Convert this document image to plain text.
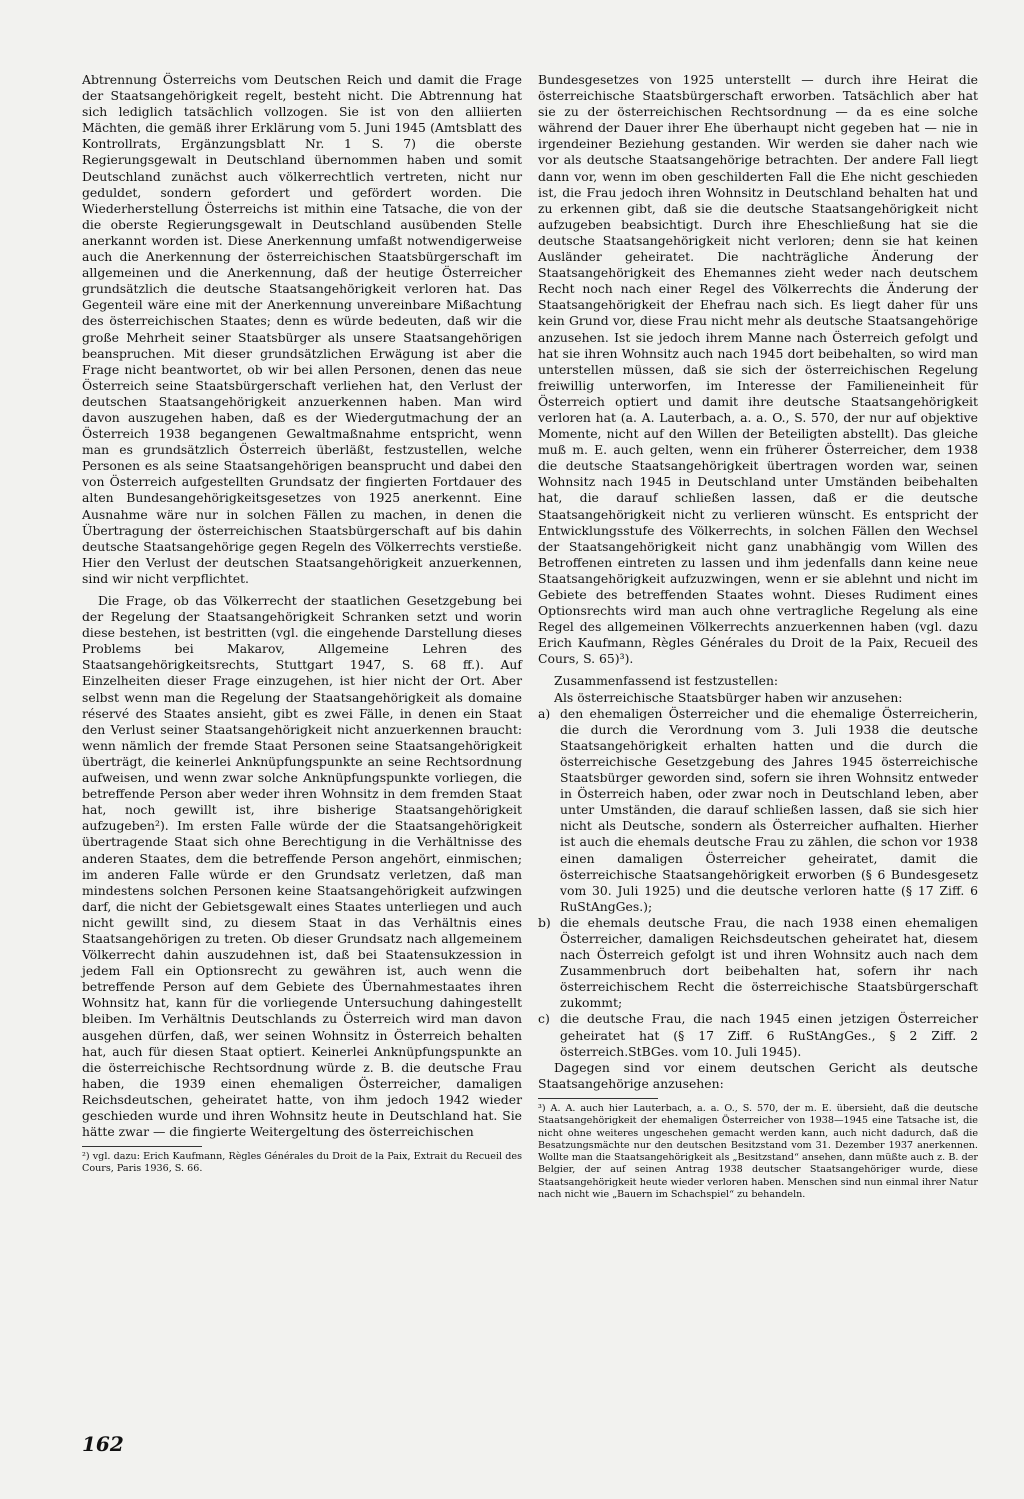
Abtrennung Österreichs vom Deutschen Reich und damit die Frage der Staatsangehörigkeit regelt, besteht nicht. Die Abtrennung hat sich lediglich tatsächlich vollzogen. Sie ist von den alliierten Mächten, die gemäß ihrer Erklärung vom 5. Juni 1945 (Amtsblatt des Kontrollrats, Ergänzungsblatt Nr. 1 S. 7) die oberste Regierungsgewalt in Deutschland übernommen haben und somit Deutschland zunächst auch völkerrechtlich vertreten, nicht nur geduldet, sondern gefordert und gefördert worden. Die Wiederherstellung Österreichs ist mithin eine Tatsache, die von der die oberste Regierungsgewalt in Deutschland ausübenden Stelle anerkannt worden ist. Diese Anerkennung umfaßt notwendigerweise auch die Anerkennung der österreichischen Staatsbürgerschaft im allgemeinen und die Anerkennung, daß der heutige Österreicher grundsätzlich die deutsche Staatsangehörigkeit verloren hat. Das Gegenteil wäre eine mit der Anerkennung unvereinbare Mißachtung des österreichischen Staates; denn es würde bedeuten, daß wir die große Mehrheit seiner Staatsbürger als unsere Staatsangehörigen beanspruchen. Mit dieser grundsätzlichen Erwägung ist aber die Frage nicht beantwortet, ob wir bei allen Personen, denen das neue Österreich seine Staatsbürgerschaft verliehen hat, den Verlust der deutschen Staatsangehörigkeit anzuerkennen haben. Man wird davon auszugehen haben, daß es der Wiedergutmachung der an Österreich 1938 begangenen Gewaltmaßnahme entspricht, wenn man es grundsätzlich Österreich überläßt, festzustellen, welche Personen es als seine Staatsangehörigen beansprucht und dabei den von Österreich aufgestellten Grundsatz der fingierten Fortdauer des alten Bundesangehörigkeitsgesetzes von 1925 anerkennt. Eine Ausnahme wäre nur in solchen Fällen zu machen, in denen die Übertragung der österreichischen Staatsbürgerschaft auf bis dahin deutsche Staatsangehörige gegen Regeln des Völkerrechts verstieße. Hier den Verlust der deutschen Staatsangehörigkeit anzuerkennen, sind wir nicht verpflichtet.

Die Frage, ob das Völkerrecht der staatlichen Gesetzgebung bei der Regelung der Staatsangehörigkeit Schranken setzt und worin diese bestehen, ist bestritten (vgl. die eingehende Darstellung dieses Problems bei Makarov, Allgemeine Lehren des Staatsangehörigkeitsrechts, Stuttgart 1947, S. 68 ff.). Auf Einzelheiten dieser Frage einzugehen, ist hier nicht der Ort. Aber selbst wenn man die Regelung der Staatsangehörigkeit als domaine réservé des Staates ansieht, gibt es zwei Fälle, in denen ein Staat den Verlust seiner Staatsangehörigkeit nicht anzuerkennen braucht: wenn nämlich der fremde Staat Personen seine Staatsangehörigkeit überträgt, die keinerlei Anknüpfungspunkte an seine Rechtsordnung aufweisen, und wenn zwar solche Anknüpfungspunkte vorliegen, die betreffende Person aber weder ihren Wohnsitz in dem fremden Staat hat, noch gewillt ist, ihre bisherige Staatsangehörigkeit aufzugeben²). Im ersten Falle würde der die Staatsangehörigkeit übertragende Staat sich ohne Berechtigung in die Verhältnisse des anderen Staates, dem die betreffende Person angehört, einmischen; im anderen Falle würde er den Grundsatz verletzen, daß man mindestens solchen Personen keine Staatsangehörigkeit aufzwingen darf, die nicht der Gebietsgewalt eines Staates unterliegen und auch nicht gewillt sind, zu diesem Staat in das Verhältnis eines Staatsangehörigen zu treten. Ob dieser Grundsatz nach allgemeinem Völkerrecht dahin auszudehnen ist, daß bei Staatensukzession in jedem Fall ein Optionsrecht zu gewähren ist, auch wenn die betreffende Person auf dem Gebiete des Übernahmestaates ihren Wohnsitz hat, kann für die vorliegende Untersuchung dahingestellt bleiben. Im Verhältnis Deutschlands zu Österreich wird man davon ausgehen dürfen, daß, wer seinen Wohnsitz in Österreich behalten hat, auch für diesen Staat optiert. Keinerlei Anknüpfungspunkte an die österreichische Rechtsordnung würde z. B. die deutsche Frau haben, die 1939 einen ehemaligen Österreicher, damaligen Reichsdeutschen, geheiratet hatte, von ihm jedoch 1942 wieder geschieden wurde und ihren Wohnsitz heute in Deutschland hat. Sie hätte zwar — die fingierte Weitergeltung des österreichischen

²) vgl. dazu: Erich Kaufmann, Règles Générales du Droit de la Paix, Extrait du Recueil des Cours, Paris 1936, S. 66.

Bundesgesetzes von 1925 unterstellt — durch ihre Heirat die österreichische Staatsbürgerschaft erworben. Tatsächlich aber hat sie zu der österreichischen Rechtsordnung — da es eine solche während der Dauer ihrer Ehe überhaupt nicht gegeben hat — nie in irgendeiner Beziehung gestanden. Wir werden sie daher nach wie vor als deutsche Staatsangehörige betrachten. Der andere Fall liegt dann vor, wenn im oben geschilderten Fall die Ehe nicht geschieden ist, die Frau jedoch ihren Wohnsitz in Deutschland behalten hat und zu erkennen gibt, daß sie die deutsche Staatsangehörigkeit nicht aufzugeben beabsichtigt. Durch ihre Eheschließung hat sie die deutsche Staatsangehörigkeit nicht verloren; denn sie hat keinen Ausländer geheiratet. Die nachträgliche Änderung der Staatsangehörigkeit des Ehemannes zieht weder nach deutschem Recht noch nach einer Regel des Völkerrechts die Änderung der Staatsangehörigkeit der Ehefrau nach sich. Es liegt daher für uns kein Grund vor, diese Frau nicht mehr als deutsche Staatsangehörige anzusehen. Ist sie jedoch ihrem Manne nach Österreich gefolgt und hat sie ihren Wohnsitz auch nach 1945 dort beibehalten, so wird man unterstellen müssen, daß sie sich der österreichischen Regelung freiwillig unterworfen, im Interesse der Familieneinheit für Österreich optiert und damit ihre deutsche Staatsangehörigkeit verloren hat (a. A. Lauterbach, a. a. O., S. 570, der nur auf objektive Momente, nicht auf den Willen der Beteiligten abstellt). Das gleiche muß m. E. auch gelten, wenn ein früherer Österreicher, dem 1938 die deutsche Staatsangehörigkeit übertragen worden war, seinen Wohnsitz nach 1945 in Deutschland unter Umständen beibehalten hat, die darauf schließen lassen, daß er die deutsche Staatsangehörigkeit nicht zu verlieren wünscht. Es entspricht der Entwicklungsstufe des Völkerrechts, in solchen Fällen den Wechsel der Staatsangehörigkeit nicht ganz unabhängig vom Willen des Betroffenen eintreten zu lassen und ihm jedenfalls dann keine neue Staatsangehörigkeit aufzuzwingen, wenn er sie ablehnt und nicht im Gebiete des betreffenden Staates wohnt. Dieses Rudiment eines Optionsrechts wird man auch ohne vertragliche Regelung als eine Regel des allgemeinen Völkerrechts anzuerkennen haben (vgl. dazu Erich Kaufmann, Règles Générales du Droit de la Paix, Recueil des Cours, S. 65)³).

Zusammenfassend ist festzustellen:

Als österreichische Staatsbürger haben wir anzusehen:

a) den ehemaligen Österreicher und die ehemalige Österreicherin, die durch die Verordnung vom 3. Juli 1938 die deutsche Staatsangehörigkeit erhalten hatten und die durch die österreichische Gesetzgebung des Jahres 1945 österreichische Staatsbürger geworden sind, sofern sie ihren Wohnsitz entweder in Österreich haben, oder zwar noch in Deutschland leben, aber unter Umständen, die darauf schließen lassen, daß sie sich hier nicht als Deutsche, sondern als Österreicher aufhalten. Hierher ist auch die ehemals deutsche Frau zu zählen, die schon vor 1938 einen damaligen Österreicher geheiratet, damit die österreichische Staatsangehörigkeit erworben (§ 6 Bundesgesetz vom 30. Juli 1925) und die deutsche verloren hatte (§ 17 Ziff. 6 RuStAngGes.);
b) die ehemals deutsche Frau, die nach 1938 einen ehemaligen Österreicher, damaligen Reichsdeutschen geheiratet hat, diesem nach Österreich gefolgt ist und ihren Wohnsitz auch nach dem Zusammenbruch dort beibehalten hat, sofern ihr nach österreichischem Recht die österreichische Staatsbürgerschaft zukommt;
c) die deutsche Frau, die nach 1945 einen jetzigen Österreicher geheiratet hat (§ 17 Ziff. 6 RuStAngGes., § 2 Ziff. 2 österreich.StBGes. vom 10. Juli 1945).

Dagegen sind vor einem deutschen Gericht als deutsche Staatsangehörige anzusehen:

³) A. A. auch hier Lauterbach, a. a. O., S. 570, der m. E. übersieht, daß die deutsche Staatsangehörigkeit der ehemaligen Österreicher von 1938—1945 eine Tatsache ist, die nicht ohne weiteres ungeschehen gemacht werden kann, auch nicht dadurch, daß die Besatzungsmächte nur den deutschen Besitzstand vom 31. Dezember 1937 anerkennen. Wollte man die Staatsangehörigkeit als „Besitzstand“ ansehen, dann müßte auch z. B. der Belgier, der auf seinen Antrag 1938 deutscher Staatsangehöriger wurde, diese Staatsangehörigkeit heute wieder verloren haben. Menschen sind nun einmal ihrer Natur nach nicht wie „Bauern im Schachspiel“ zu behandeln.

162
